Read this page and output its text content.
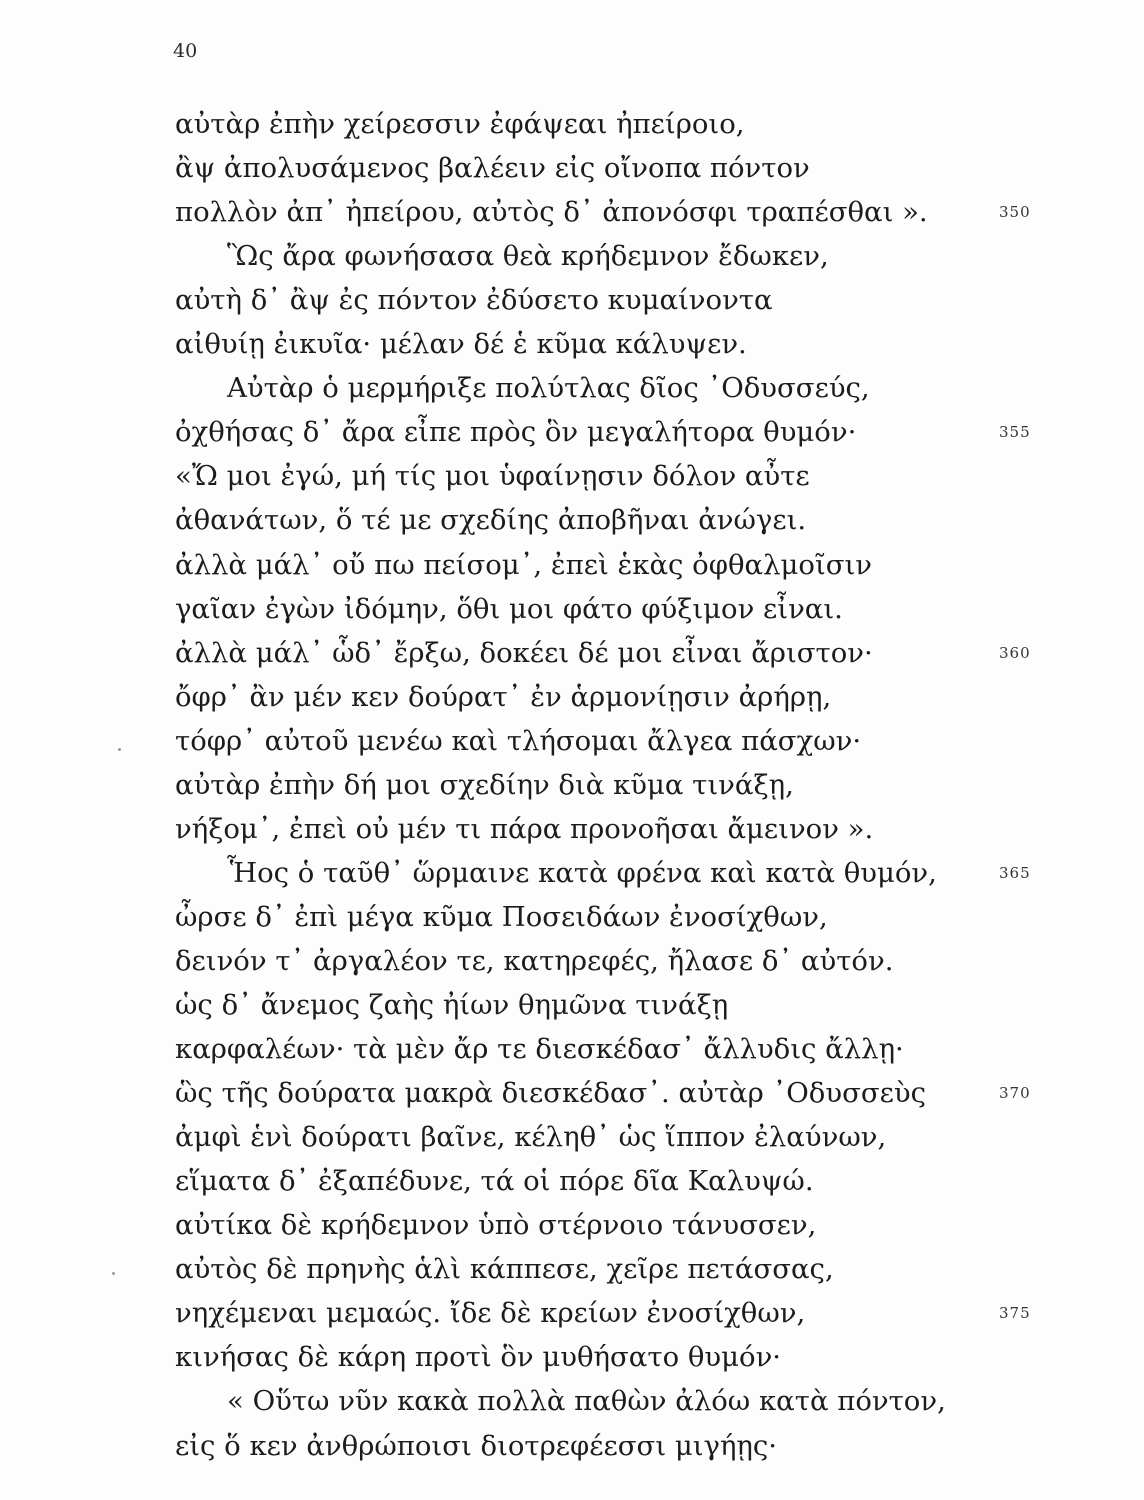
40
αὐτὰρ ἐπὴν χείρεσσιν ἐφάψεαι ἠπείροιο,
ἂψ ἀπολυσάμενος βαλέειν εἰς οἴνοπα πόντον
πολλὸν ἀπ᾽ ἠπείρου, αὐτὸς δ᾽ ἀπονόσφι τραπέσθαι ».	350
Ὣς ἄρα φωνήσασα θεὰ κρήδεμνον ἔδωκεν,
αὐτὴ δ᾽ ἂψ ἐς πόντον ἐδύσετο κυμαίνοντα
αἰθυίῃ ἐικυῖα· μέλαν δέ ἑ κῦμα κάλυψεν.
Αὐτὰρ ὁ μερμήριξε πολύτλας δῖος ᾽Οδυσσεύς,
ὀχθήσας δ᾽ ἄρα εἶπε πρὸς ὃν μεγαλήτορα θυμόν·	355
«Ὤ μοι ἐγώ, μή τίς μοι ὑφαίνῃσιν δόλον αὖτε
ἀθανάτων, ὅ τέ με σχεδίης ἀποβῆναι ἀνώγει.
ἀλλὰ μάλ᾽ οὔ πω πείσομ᾽, ἐπεὶ ἑκὰς ὀφθαλμοῖσιν
γαῖαν ἐγὼν ἰδόμην, ὅθι μοι φάτο φύξιμον εἶναι.
ἀλλὰ μάλ᾽ ὧδ᾽ ἔρξω, δοκέει δέ μοι εἶναι ἄριστον·	360
ὄφρ᾽ ἂν μέν κεν δούρατ᾽ ἐν ἁρμονίῃσιν ἀρήρῃ,
τόφρ᾽ αὐτοῦ μενέω καὶ τλήσομαι ἄλγεα πάσχων·
αὐτὰρ ἐπὴν δή μοι σχεδίην διὰ κῦμα τινάξῃ,
νήξομ᾽, ἐπεὶ οὐ μέν τι πάρα προνοῆσαι ἄμεινον ».
Ἧος ὁ ταῦθ᾽ ὥρμαινε κατὰ φρένα καὶ κατὰ θυμόν,	365
ὦρσε δ᾽ ἐπὶ μέγα κῦμα Ποσειδάων ἐνοσίχθων,
δεινόν τ᾽ ἀργαλέον τε, κατηρεφές, ἤλασε δ᾽ αὐτόν.
ὡς δ᾽ ἄνεμος ζαὴς ἠίων θημῶνα τινάξῃ
καρφαλέων· τὰ μὲν ἄρ τε διεσκέδασ᾽ ἄλλυδις ἄλλῃ·
ὣς τῆς δούρατα μακρὰ διεσκέδασ᾽. αὐτὰρ ᾽Οδυσσεὺς	370
ἀμφὶ ἑνὶ δούρατι βαῖνε, κέληθ᾽ ὡς ἵππον ἐλαύνων,
εἵματα δ᾽ ἐξαπέδυνε, τά οἱ πόρε δῖα Καλυψώ.
αὐτίκα δὲ κρήδεμνον ὑπὸ στέρνοιο τάνυσσεν,
αὐτὸς δὲ πρηνὴς ἁλὶ κάππεσε, χεῖρε πετάσσας,
νηχέμεναι μεμαώς. ἴδε δὲ κρείων ἐνοσίχθων,	375
κινήσας δὲ κάρη προτὶ ὃν μυθήσατο θυμόν·
« Οὕτω νῦν κακὰ πολλὰ παθὼν ἀλόω κατὰ πόντον,
εἰς ὅ κεν ἀνθρώποισι διοτρεφέεσσι μιγήῃς·
